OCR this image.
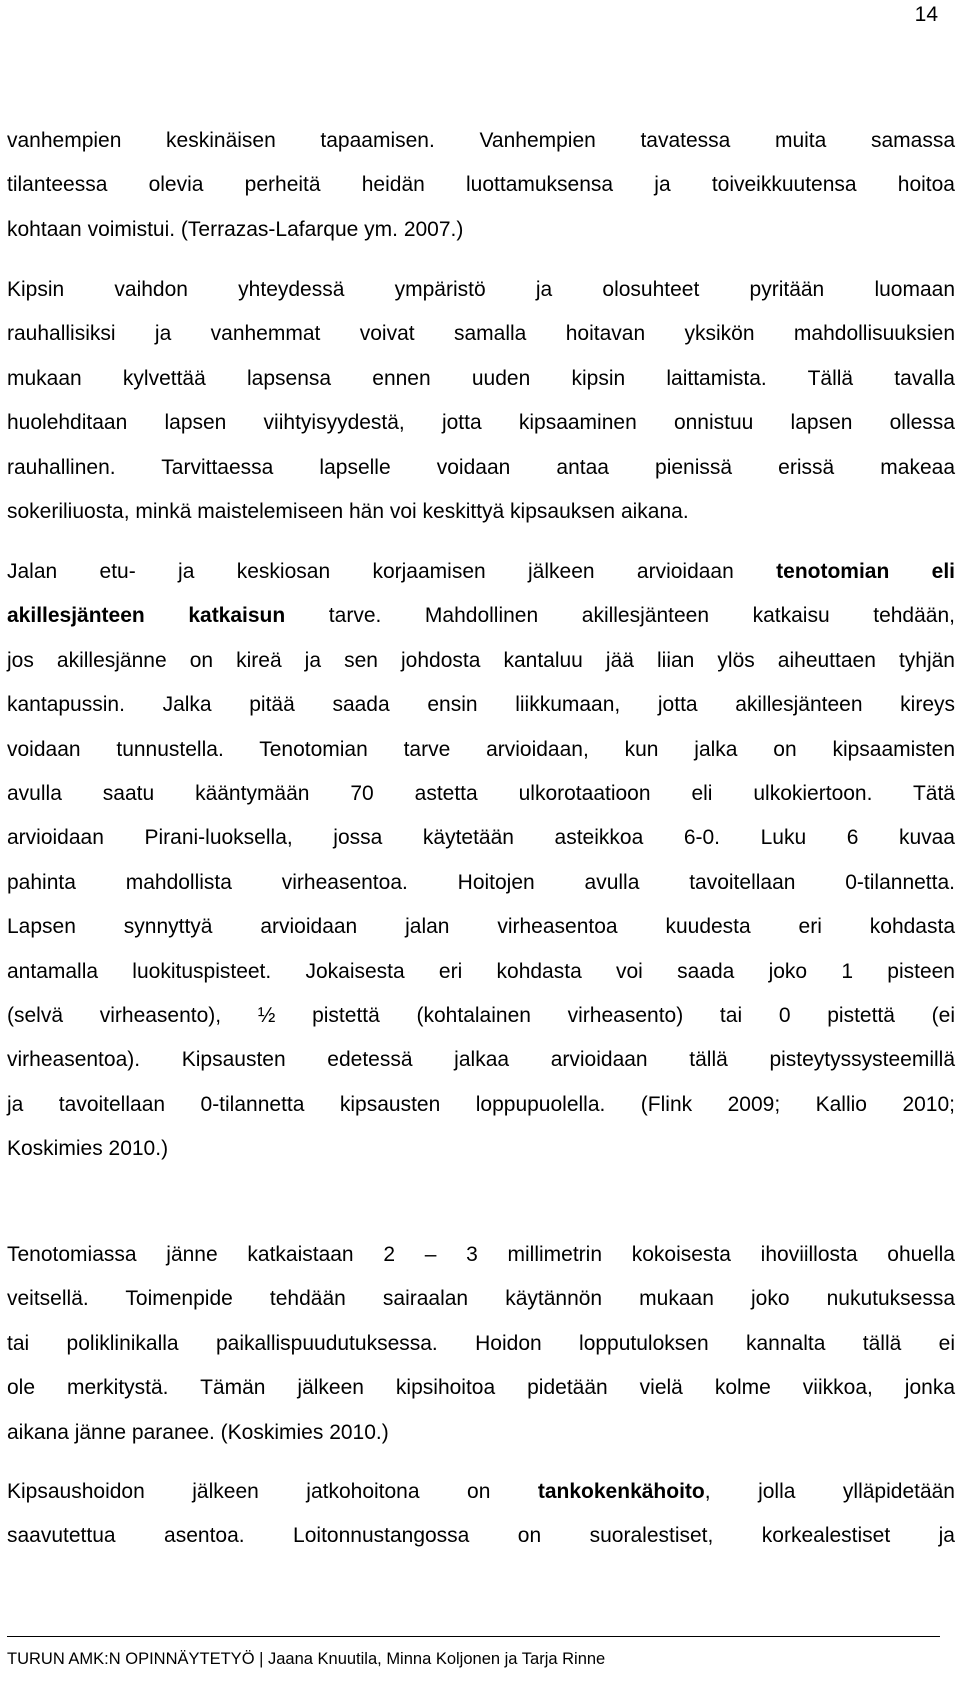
14
vanhempien keskinäisen tapaamisen. Vanhempien tavatessa muita samassa
tilanteessa olevia perheitä heidän luottamuksensa ja toiveikkuutensa hoitoa
kohtaan voimistui. (Terrazas-Lafarque ym. 2007.)
Kipsin vaihdon yhteydessä ympäristö ja olosuhteet pyritään luomaan
rauhallisiksi ja vanhemmat voivat samalla hoitavan yksikön mahdollisuuksien
mukaan kylvettää lapsensa ennen uuden kipsin laittamista. Tällä tavalla
huolehditaan lapsen viihtyisyydestä, jotta kipsaaminen onnistuu lapsen ollessa
rauhallinen. Tarvittaessa lapselle voidaan antaa pienissä erissä makeaa
sokeriliuosta, minkä maistelemiseen hän voi keskittyä kipsauksen aikana.
Jalan etu- ja keskiosan korjaamisen jälkeen arvioidaan tenotomian eli
akillesjänteen katkaisun tarve. Mahdollinen akillesjänteen katkaisu tehdään,
jos akillesjänne on kireä ja sen johdosta kantaluu jää liian ylös aiheuttaen tyhjän
kantapussin. Jalka pitää saada ensin liikkumaan, jotta akillesjänteen kireys
voidaan tunnustella. Tenotomian tarve arvioidaan, kun jalka on kipsaamisten
avulla saatu kääntymään 70 astetta ulkorotaatioon eli ulkokiertoon. Tätä
arvioidaan Pirani-luoksella, jossa käytetään asteikkoa 6-0. Luku 6 kuvaa
pahinta mahdollista virheasentoa. Hoitojen avulla tavoitellaan 0-tilannetta.
Lapsen synnyttyä arvioidaan jalan virheasentoa kuudesta eri kohdasta
antamalla luokituspisteet. Jokaisesta eri kohdasta voi saada joko 1 pisteen
(selvä virheasento), ½ pistettä (kohtalainen virheasento) tai 0 pistettä (ei
virheasentoa). Kipsausten edetessä jalkaa arvioidaan tällä pisteytyssysteemillä
ja tavoitellaan 0-tilannetta kipsausten loppupuolella. (Flink 2009; Kallio 2010;
Koskimies 2010.)
Tenotomiassa jänne katkaistaan 2 – 3 millimetrin kokoisesta ihoviillosta ohuella
veitsellä. Toimenpide tehdään sairaalan käytännön mukaan joko nukutuksessa
tai poliklinikalla paikallispuudutuksessa. Hoidon lopputuloksen kannalta tällä ei
ole merkitystä. Tämän jälkeen kipsihoitoa pidetään vielä kolme viikkoa, jonka
aikana jänne paranee. (Koskimies 2010.)
Kipsaushoidon jälkeen jatkohoitona on tankokenkähoito, jolla ylläpidetään
saavutettua asentoa. Loitonnustangossa on suoralestiset, korkealestiset ja
TURUN AMK:N OPINNÄYTETYÖ | Jaana Knuutila, Minna Koljonen ja Tarja Rinne
